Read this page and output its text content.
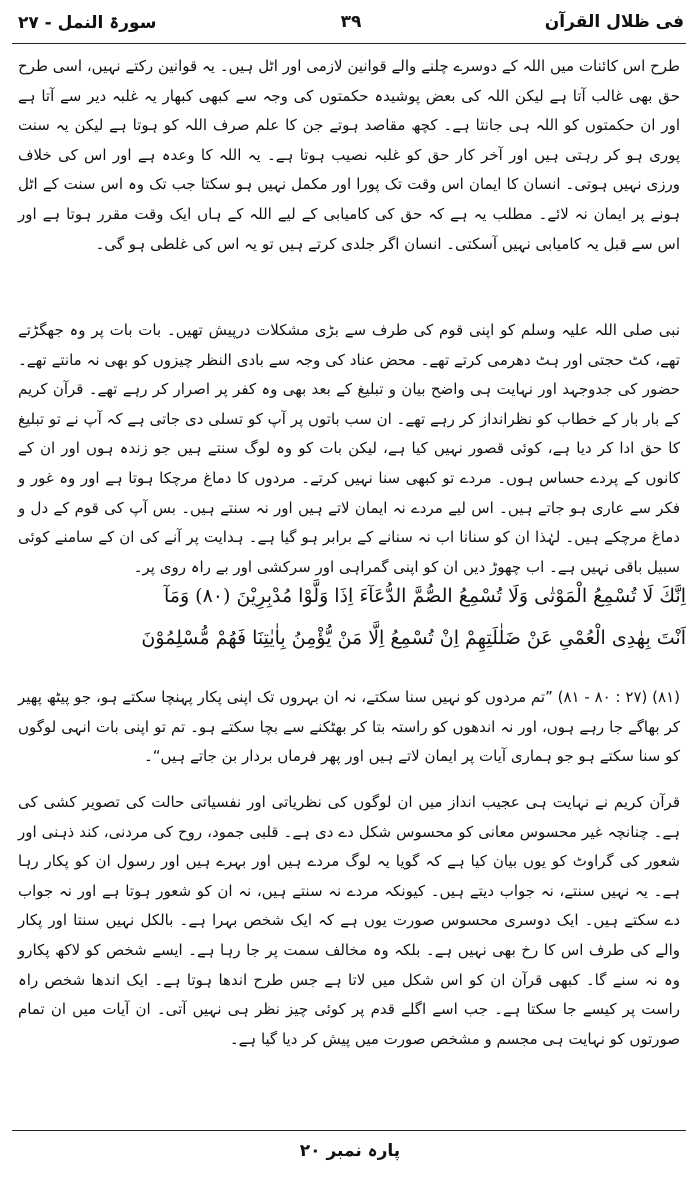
فی ظلال القرآن
۳۹
سورۃ النمل - ۲۷

طرح اس کائنات میں اللہ کے دوسرے چلنے والے قوانین لازمی اور اٹل ہیں۔ یہ قوانین رکتے نہیں، اسی طرح حق بھی غالب آتا ہے لیکن اللہ کی بعض پوشیدہ حکمتوں کی وجہ سے کبھی کبھار یہ غلبہ دیر سے آتا ہے اور ان حکمتوں کو اللہ ہی جانتا ہے۔ کچھ مقاصد ہوتے جن کا علم صرف اللہ کو ہوتا ہے لیکن یہ سنت پوری ہو کر رہتی ہیں اور آخر کار حق کو غلبہ نصیب ہوتا ہے۔ یہ اللہ کا وعدہ ہے اور اس کی خلاف ورزی نہیں ہوتی۔ انسان کا ایمان اس وقت تک پورا اور مکمل نہیں ہو سکتا جب تک وہ اس سنت کے اٹل ہونے پر ایمان نہ لائے۔ مطلب یہ ہے کہ حق کی کامیابی کے لیے اللہ کے ہاں ایک وقت مقرر ہوتا ہے اور اس سے قبل یہ کامیابی نہیں آسکتی۔ انسان اگر جلدی کرتے ہیں تو یہ اس کی غلطی ہو گی۔

نبی صلی اللہ علیہ وسلم کو اپنی قوم کی طرف سے بڑی مشکلات درپیش تھیں۔ بات بات پر وہ جھگڑتے تھے، کٹ حجتی اور ہٹ دھرمی کرتے تھے۔ محض عناد کی وجہ سے بادی النظر چیزوں کو بھی نہ مانتے تھے۔ حضور کی جدوجہد اور نہایت ہی واضح بیان و تبلیغ کے بعد بھی وہ کفر پر اصرار کر رہے تھے۔ قرآن کریم کے بار بار کے خطاب کو نظرانداز کر رہے تھے۔ ان سب باتوں پر آپ کو تسلی دی جاتی ہے کہ آپ نے تو تبلیغ کا حق ادا کر دیا ہے، کوئی قصور نہیں کیا ہے، لیکن بات کو وہ لوگ سنتے ہیں جو زندہ ہوں اور ان کے کانوں کے پردے حساس ہوں۔ مردے تو کبھی سنا نہیں کرتے۔ مردوں کا دماغ مرچکا ہوتا ہے اور وہ غور و فکر سے عاری ہو جاتے ہیں۔ اس لیے مردے نہ ایمان لاتے ہیں اور نہ سنتے ہیں۔ بس آپ کی قوم کے دل و دماغ مرچکے ہیں۔ لہٰذا ان کو سنانا اب نہ سنانے کے برابر ہو گیا ہے۔ ہدایت پر آنے کی ان کے سامنے کوئی سبیل باقی نہیں ہے۔ اب چھوڑ دیں ان کو اپنی گمراہی اور سرکشی اور بے راہ روی پر۔

اِنَّكَ لَا تُسْمِعُ الْمَوْتٰى وَلَا تُسْمِعُ الصُّمَّ الدُّعَآءَ اِذَا وَلَّوْا مُدْبِرِيْنَ (۸۰) وَمَآ
اَنْتَ بِهٰدِى الْعُمْىِ عَنْ ضَلٰلَتِهِمْ اِنْ تُسْمِعُ اِلَّا مَنْ يُّؤْمِنُ بِاٰيٰتِنَا فَهُمْ مُّسْلِمُوْنَ

(۸۱) (۲۷ : ۸۰ - ۸۱) ”تم مردوں کو نہیں سنا سکتے، نہ ان بہروں تک اپنی پکار پہنچا سکتے ہو، جو پیٹھ پھیر کر بھاگے جا رہے ہوں، اور نہ اندھوں کو راستہ بتا کر بھٹکنے سے بچا سکتے ہو۔ تم تو اپنی بات انہی لوگوں کو سنا سکتے ہو جو ہماری آیات پر ایمان لاتے ہیں اور پھر فرماں بردار بن جاتے ہیں“۔

قرآن کریم نے نہایت ہی عجیب انداز میں ان لوگوں کی نظریاتی اور نفسیاتی حالت کی تصویر کشی کی ہے۔ چنانچہ غیر محسوس معانی کو محسوس شکل دے دی ہے۔ قلبی جمود، روح کی مردنی، کند ذہنی اور شعور کی گراوٹ کو یوں بیان کیا ہے کہ گویا یہ لوگ مردے ہیں اور بہرے ہیں اور رسول ان کو پکار رہا ہے۔ یہ نہیں سنتے، نہ جواب دیتے ہیں۔ کیونکہ مردے نہ سنتے ہیں، نہ ان کو شعور ہوتا ہے اور نہ جواب دے سکتے ہیں۔ ایک دوسری محسوس صورت یوں ہے کہ ایک شخص بہرا ہے۔ بالکل نہیں سنتا اور پکار والے کی طرف اس کا رخ بھی نہیں ہے۔ بلکہ وہ مخالف سمت پر جا رہا ہے۔ ایسے شخص کو لاکھ پکارو وہ نہ سنے گا۔ کبھی قرآن ان کو اس شکل میں لاتا ہے جس طرح اندھا ہوتا ہے۔ ایک اندھا شخص راہ راست پر کیسے جا سکتا ہے۔ جب اسے اگلے قدم پر کوئی چیز نظر ہی نہیں آتی۔ ان آیات میں ان تمام صورتوں کو نہایت ہی مجسم و مشخص صورت میں پیش کر دیا گیا ہے۔

پارہ نمبر ۲۰
